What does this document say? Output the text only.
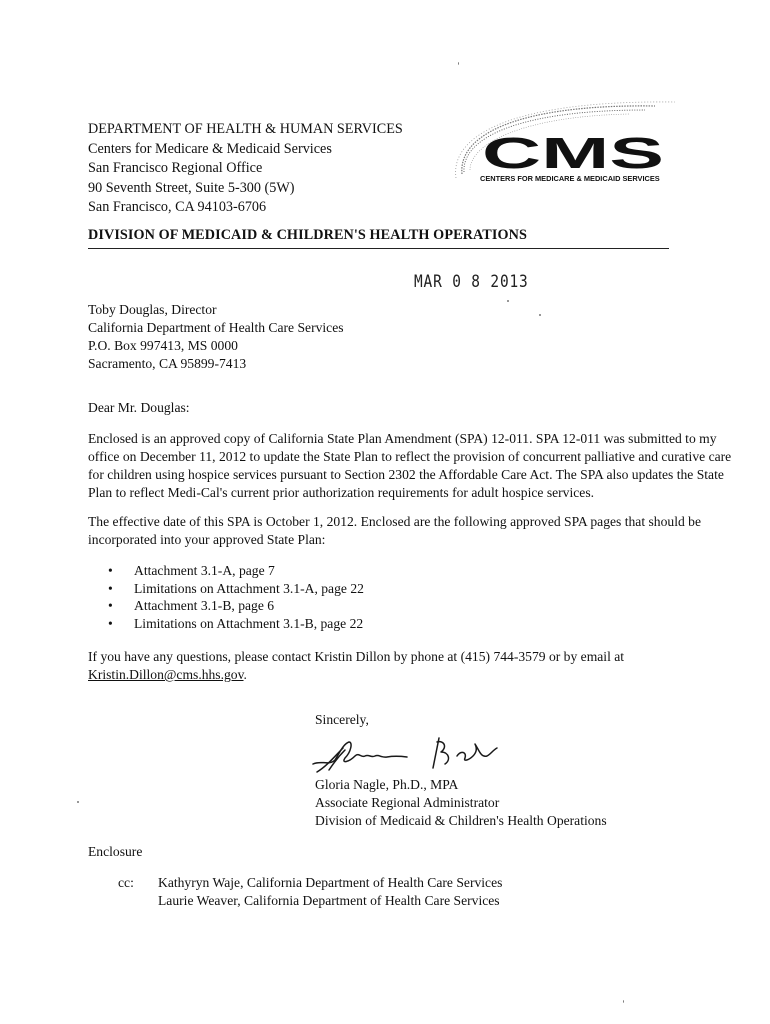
DEPARTMENT OF HEALTH & HUMAN SERVICES
Centers for Medicare & Medicaid Services
San Francisco Regional Office
90 Seventh Street, Suite 5-300 (5W)
San Francisco, CA 94103-6706
CMS
CENTERS FOR MEDICARE & MEDICAID SERVICES
DIVISION OF MEDICAID & CHILDREN'S HEALTH OPERATIONS
MAR 0 8 2013
Toby Douglas, Director
California Department of Health Care Services
P.O. Box 997413, MS 0000
Sacramento, CA 95899-7413
Dear Mr. Douglas:
Enclosed is an approved copy of California State Plan Amendment (SPA) 12-011. SPA 12-011 was submitted to my office on December 11, 2012 to update the State Plan to reflect the provision of concurrent palliative and curative care for children using hospice services pursuant to Section 2302 the Affordable Care Act. The SPA also updates the State Plan to reflect Medi-Cal's current prior authorization requirements for adult hospice services.
The effective date of this SPA is October 1, 2012. Enclosed are the following approved SPA pages that should be incorporated into your approved State Plan:
• Attachment 3.1-A, page 7
• Limitations on Attachment 3.1-A, page 22
• Attachment 3.1-B, page 6
• Limitations on Attachment 3.1-B, page 22
If you have any questions, please contact Kristin Dillon by phone at (415) 744-3579 or by email at Kristin.Dillon@cms.hhs.gov.
Sincerely,
Gloria Nagle, Ph.D., MPA
Associate Regional Administrator
Division of Medicaid & Children's Health Operations
Enclosure
cc: Kathyryn Waje, California Department of Health Care Services
Laurie Weaver, California Department of Health Care Services
